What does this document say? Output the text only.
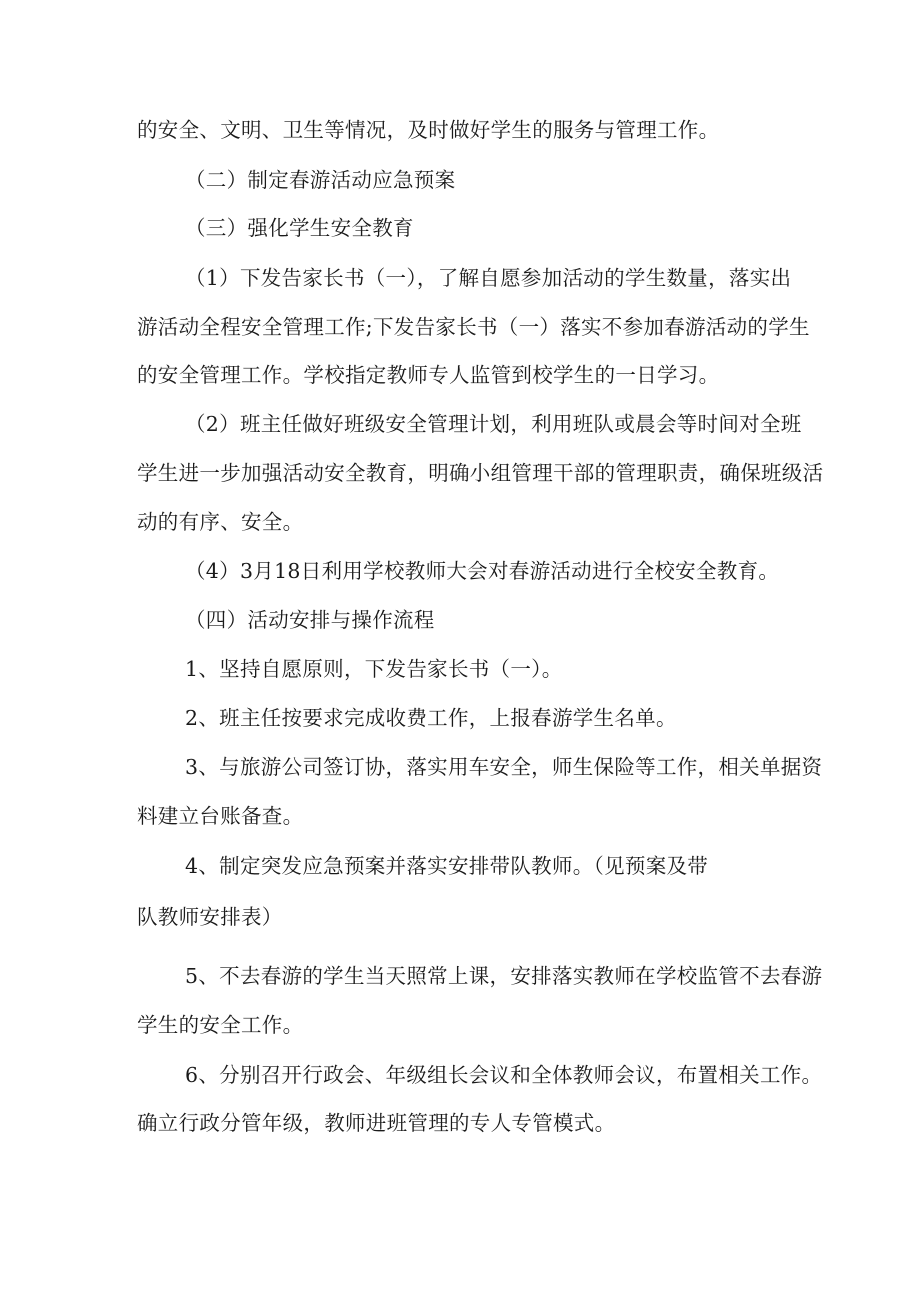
的安全、文明、卫生等情况，及时做好学生的服务与管理工作。
（二）制定春游活动应急预案
（三）强化学生安全教育
（1）下发告家长书（一），了解自愿参加活动的学生数量，落实出
游活动全程安全管理工作;下发告家长书（一）落实不参加春游活动的学生
的安全管理工作。学校指定教师专人监管到校学生的一日学习。
（2）班主任做好班级安全管理计划，利用班队或晨会等时间对全班
学生进一步加强活动安全教育，明确小组管理干部的管理职责，确保班级活
动的有序、安全。
（4）3月18日利用学校教师大会对春游活动进行全校安全教育。
（四）活动安排与操作流程
1、坚持自愿原则，下发告家长书（一）。
2、班主任按要求完成收费工作，上报春游学生名单。
3、与旅游公司签订协，落实用车安全，师生保险等工作，相关单据资
料建立台账备查。
4、制定突发应急预案并落实安排带队教师。（见预案及带
队教师安排表）
5、不去春游的学生当天照常上课，安排落实教师在学校监管不去春游
学生的安全工作。
6、分别召开行政会、年级组长会议和全体教师会议，布置相关工作。
确立行政分管年级，教师进班管理的专人专管模式。
